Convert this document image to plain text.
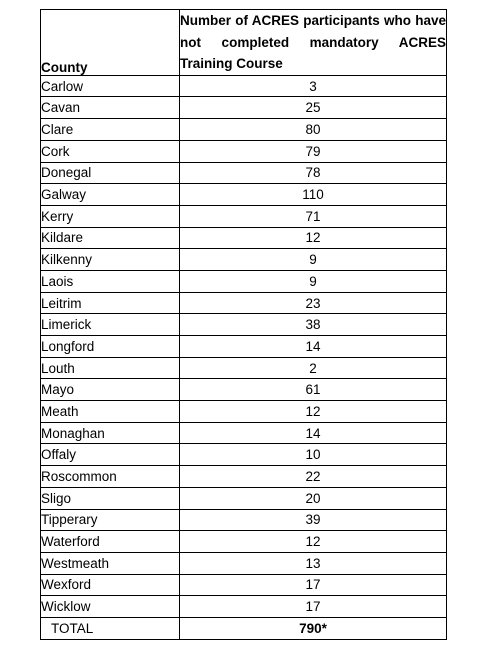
County	Number of ACRES participants who have not completed mandatory ACRES Training Course
Carlow	3
Cavan	25
Clare	80
Cork	79
Donegal	78
Galway	110
Kerry	71
Kildare	12
Kilkenny	9
Laois	9
Leitrim	23
Limerick	38
Longford	14
Louth	2
Mayo	61
Meath	12
Monaghan	14
Offaly	10
Roscommon	22
Sligo	20
Tipperary	39
Waterford	12
Westmeath	13
Wexford	17
Wicklow	17
TOTAL	790*
